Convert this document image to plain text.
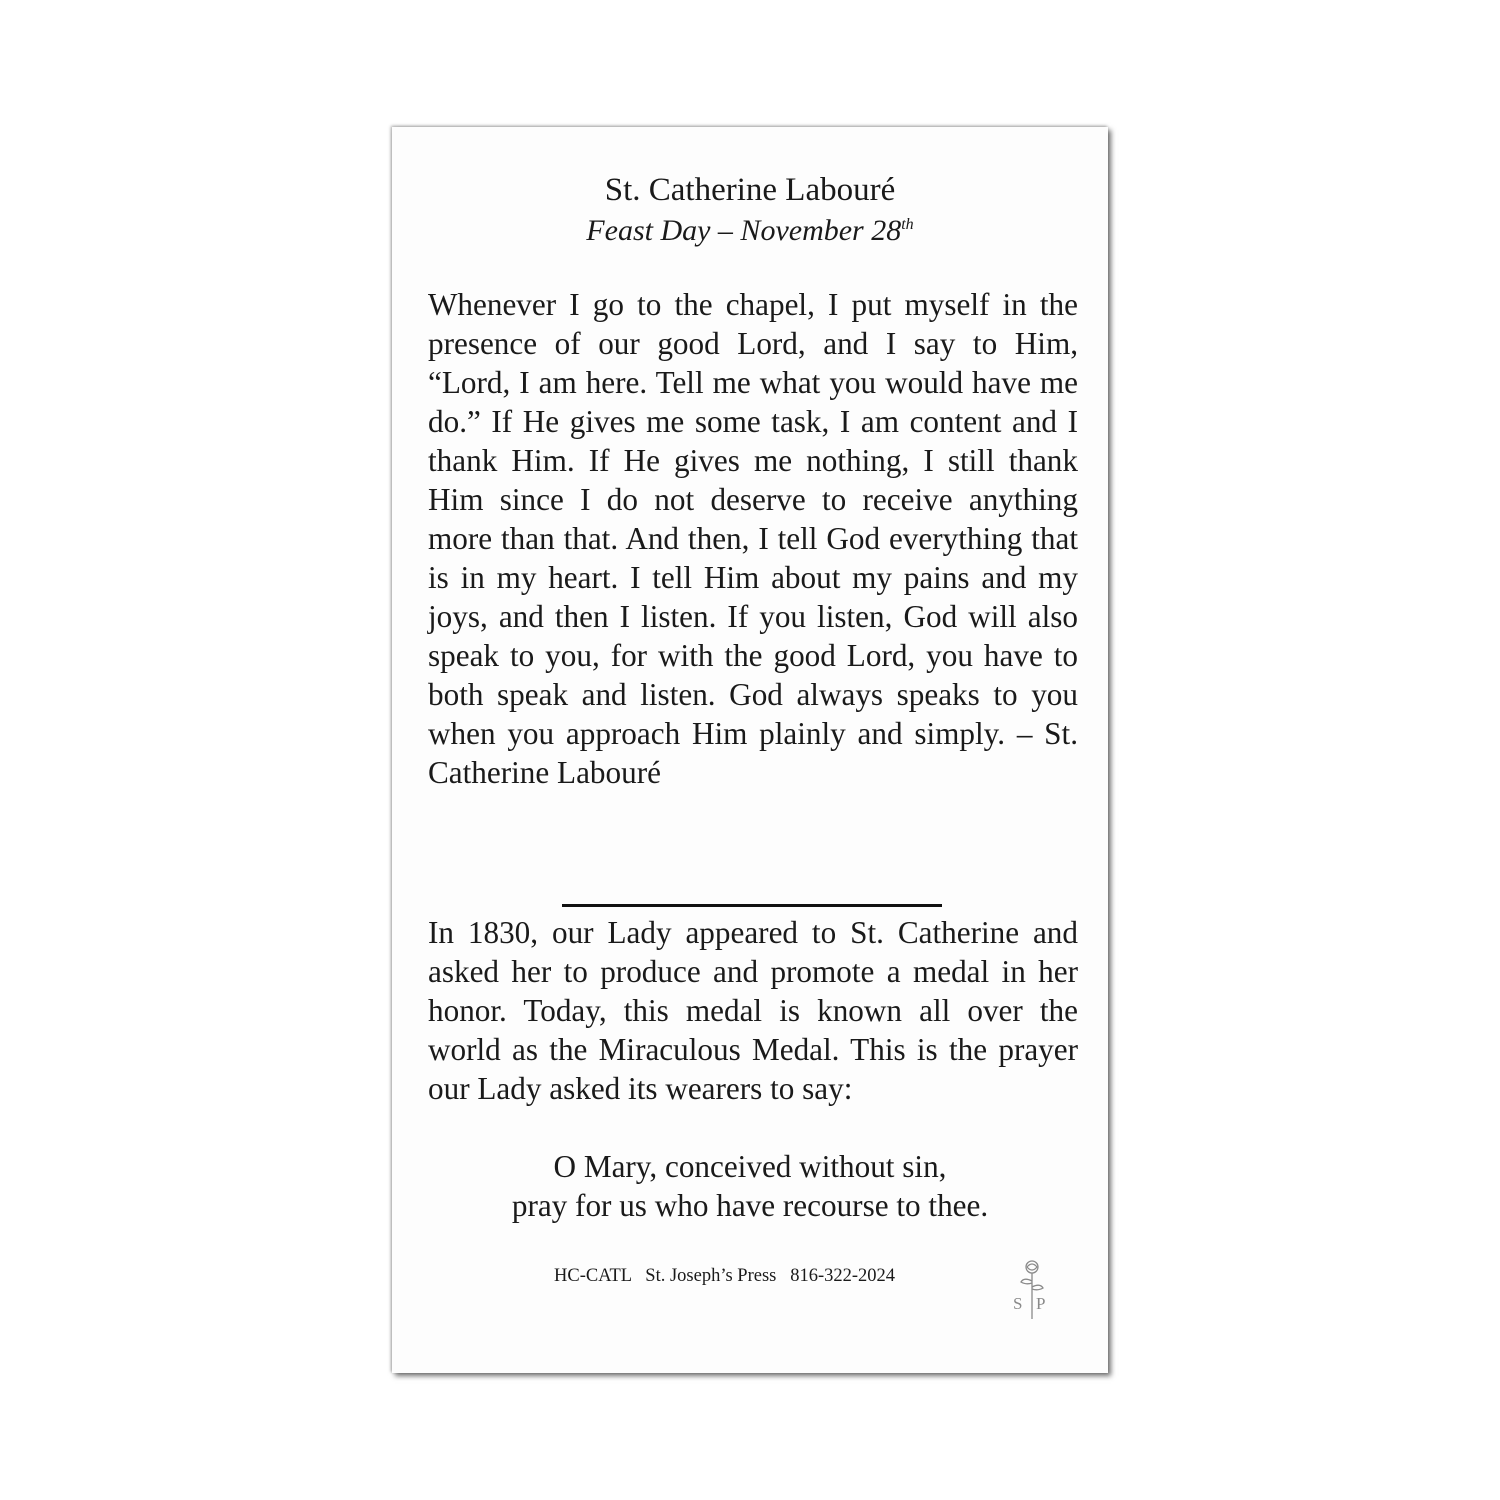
St. Catherine Labouré
Feast Day – November 28th

Whenever I go to the chapel, I put myself in the presence of our good Lord, and I say to Him, “Lord, I am here. Tell me what you would have me do.” If He gives me some task, I am content and I thank Him. If He gives me nothing, I still thank Him since I do not deserve to receive anything more than that. And then, I tell God everything that is in my heart. I tell Him about my pains and my joys, and then I listen. If you listen, God will also speak to you, for with the good Lord, you have to both speak and listen. God always speaks to you when you approach Him plainly and simply. – St. Catherine Labouré

In 1830, our Lady appeared to St. Catherine and asked her to produce and promote a medal in her honor. Today, this medal is known all over the world as the Miraculous Medal. This is the prayer our Lady asked its wearers to say:

O Mary, conceived without sin,
pray for us who have recourse to thee.
HC-CATL   St. Joseph’s Press   816-322-2024
S P
